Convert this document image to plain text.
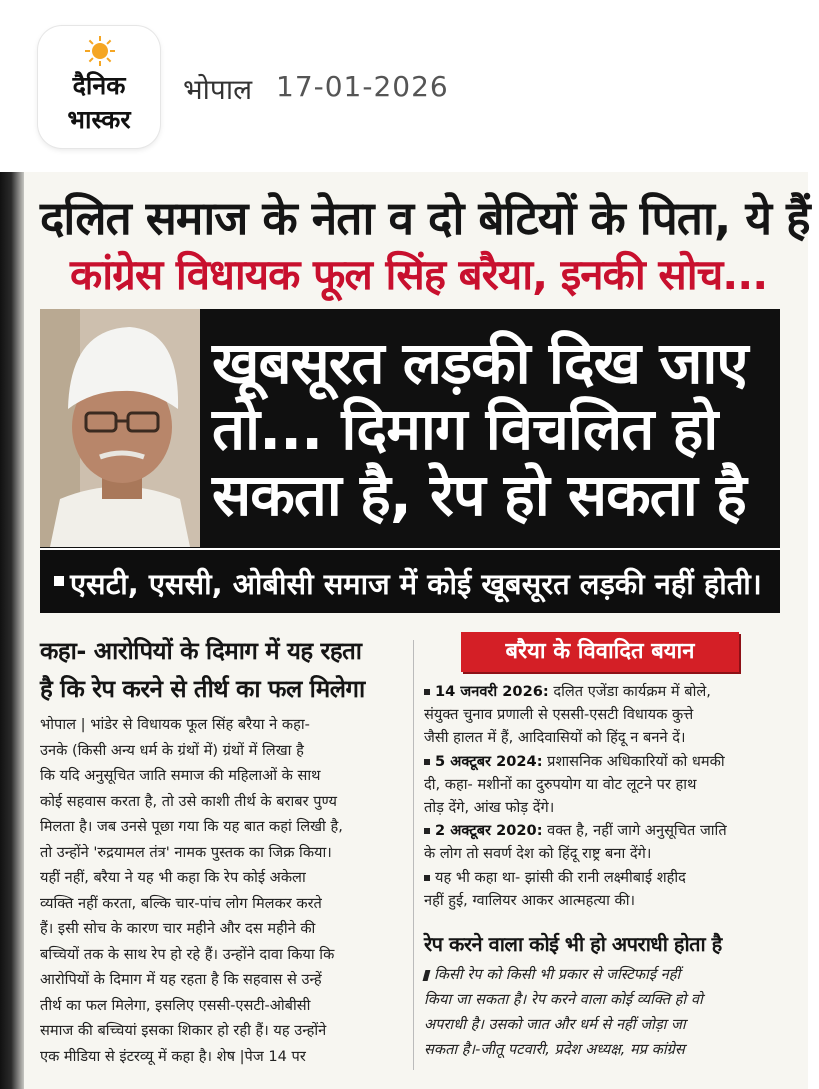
दैनिक
भास्कर
भोपाल 17-01-2026
दलित समाज के नेता व दो बेटियों के पिता, ये हैं
कांग्रेस विधायक फूल सिंह बरैया, इनकी सोच...
खूबसूरत लड़की दिख जाए
तो... दिमाग विचलित हो
सकता है, रेप हो सकता है
एसटी, एससी, ओबीसी समाज में कोई खूबसूरत लड़की नहीं होती।
कहा- आरोपियों के दिमाग में यह रहता
है कि रेप करने से तीर्थ का फल मिलेगा
भोपाल | भांडेर से विधायक फूल सिंह बरैया ने कहा-
उनके (किसी अन्य धर्म के ग्रंथों में) ग्रंथों में लिखा है
कि यदि अनुसूचित जाति समाज की महिलाओं के साथ
कोई सहवास करता है, तो उसे काशी तीर्थ के बराबर पुण्य
मिलता है। जब उनसे पूछा गया कि यह बात कहां लिखी है,
तो उन्होंने 'रुद्रयामल तंत्र' नामक पुस्तक का जिक्र किया।
यहीं नहीं, बरैया ने यह भी कहा कि रेप कोई अकेला
व्यक्ति नहीं करता, बल्कि चार-पांच लोग मिलकर करते
हैं। इसी सोच के कारण चार महीने और दस महीने की
बच्चियों तक के साथ रेप हो रहे हैं। उन्होंने दावा किया कि
आरोपियों के दिमाग में यह रहता है कि सहवास से उन्हें
तीर्थ का फल मिलेगा, इसलिए एससी-एसटी-ओबीसी
समाज की बच्चियां इसका शिकार हो रही हैं। यह उन्होंने
एक मीडिया से इंटरव्यू में कहा है। शेष |पेज 14 पर
बरैया के विवादित बयान
14 जनवरी 2026: दलित एजेंडा कार्यक्रम में बोले,
संयुक्त चुनाव प्रणाली से एससी-एसटी विधायक कुत्ते
जैसी हालत में हैं, आदिवासियों को हिंदू न बनने दें।
5 अक्टूबर 2024: प्रशासनिक अधिकारियों को धमकी
दी, कहा- मशीनों का दुरुपयोग या वोट लूटने पर हाथ
तोड़ देंगे, आंख फोड़ देंगे।
2 अक्टूबर 2020: वक्त है, नहीं जागे अनुसूचित जाति
के लोग तो सवर्ण देश को हिंदू राष्ट्र बना देंगे।
यह भी कहा था- झांसी की रानी लक्ष्मीबाई शहीद
नहीं हुई, ग्वालियर आकर आत्महत्या की।
रेप करने वाला कोई भी हो अपराधी होता है
किसी रेप को किसी भी प्रकार से जस्टिफाई नहीं
किया जा सकता है। रेप करने वाला कोई व्यक्ति हो वो
अपराधी है। उसको जात और धर्म से नहीं जोड़ा जा
सकता है।-जीतू पटवारी, प्रदेश अध्यक्ष, मप्र कांग्रेस
